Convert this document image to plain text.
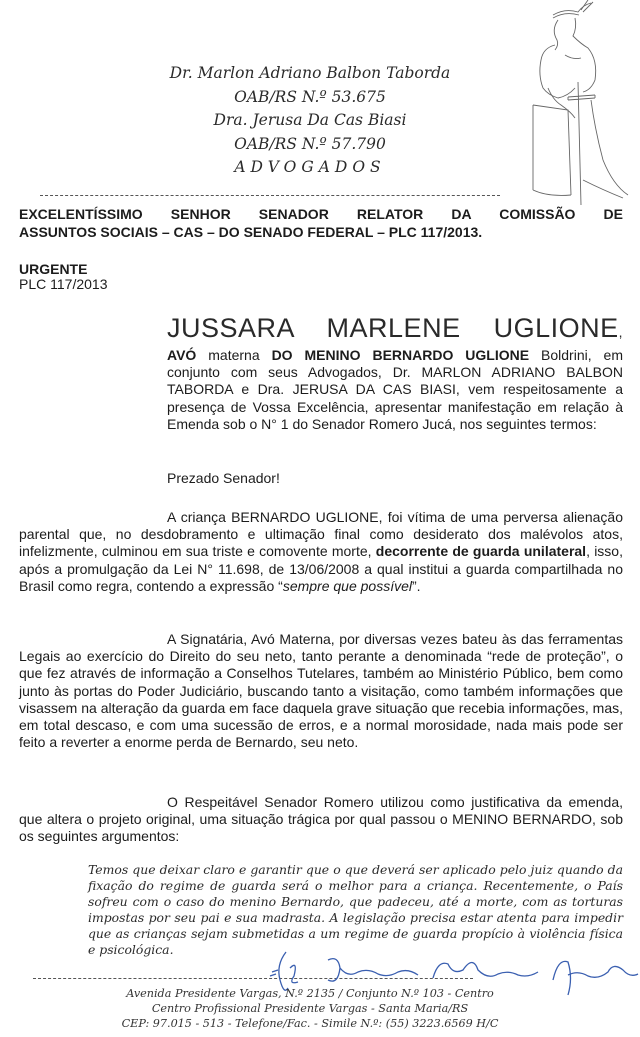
Dr. Marlon Adriano Balbon Taborda
OAB/RS N.º 53.675
Dra. Jerusa Da Cas Biasi
OAB/RS N.º 57.790
ADVOGADOS
EXCELENTÍSSIMO SENHOR SENADOR RELATOR DA COMISSÃO DE
ASSUNTOS SOCIAIS – CAS – DO SENADO FEDERAL – PLC 117/2013.
URGENTE
PLC 117/2013
JUSSARA MARLENE UGLIONE,
AVÓ materna DO MENINO BERNARDO UGLIONE Boldrini, em conjunto com seus Advogados, Dr. MARLON ADRIANO BALBON TABORDA e Dra. JERUSA DA CAS BIASI, vem respeitosamente a presença de Vossa Excelência, apresentar manifestação em relação à Emenda sob o N° 1 do Senador Romero Jucá, nos seguintes termos:
Prezado Senador!
A criança BERNARDO UGLIONE, foi vítima de uma perversa alienação parental que, no desdobramento e ultimação final como desiderato dos malévolos atos, infelizmente, culminou em sua triste e comovente morte, decorrente de guarda unilateral, isso, após a promulgação da Lei N° 11.698, de 13/06/2008 a qual institui a guarda compartilhada no Brasil como regra, contendo a expressão “sempre que possível”.
A Signatária, Avó Materna, por diversas vezes bateu às das ferramentas Legais ao exercício do Direito do seu neto, tanto perante a denominada “rede de proteção”, o que fez através de informação a Conselhos Tutelares, também ao Ministério Público, bem como junto às portas do Poder Judiciário, buscando tanto a visitação, como também informações que visassem na alteração da guarda em face daquela grave situação que recebia informações, mas, em total descaso, e com uma sucessão de erros, e a normal morosidade, nada mais pode ser feito a reverter a enorme perda de Bernardo, seu neto.
O Respeitável Senador Romero utilizou como justificativa da emenda, que altera o projeto original, uma situação trágica por qual passou o MENINO BERNARDO, sob os seguintes argumentos:
Temos que deixar claro e garantir que o que deverá ser aplicado pelo juiz quando da fixação do regime de guarda será o melhor para a criança. Recentemente, o País sofreu com o caso do menino Bernardo, que padeceu, até a morte, com as torturas impostas por seu pai e sua madrasta. A legislação precisa estar atenta para impedir que as crianças sejam submetidas a um regime de guarda propício à violência física e psicológica.
Avenida Presidente Vargas, N.º 2135 / Conjunto N.º 103 - Centro
Centro Profissional Presidente Vargas - Santa Maria/RS
CEP: 97.015 - 513 - Telefone/Fac. - Simile N.º: (55) 3223.6569 H/C
